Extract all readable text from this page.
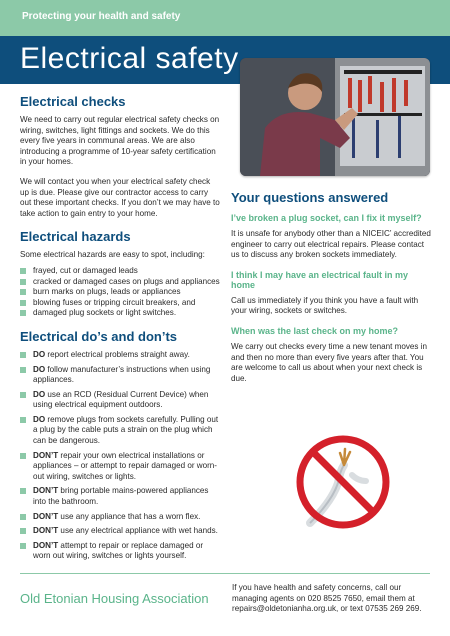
Protecting your health and safety
Electrical safety
Electrical checks

We need to carry out regular electrical safety checks on wiring, switches, light fittings and sockets. We do this every five years in communal areas. We are also introducing a programme of 10-year safety certification in your homes.

We will contact you when your electrical safety check up is due. Please give our contractor access to carry out these important checks. If you don’t we may have to take action to gain entry to your home.

Electrical hazards

Some electrical hazards are easy to spot, including:

frayed, cut or damaged leads
cracked or damaged cases on plugs and appliances
burn marks on plugs, leads or appliances
blowing fuses or tripping circuit breakers, and
damaged plug sockets or light switches.
Electrical do’s and don’ts
DO report electrical problems straight away.
DO follow manufacturer’s instructions when using appliances.
DO use an RCD (Residual Current Device) when using electrical equipment outdoors.
DO remove plugs from sockets carefully. Pulling out a plug by the cable puts a strain on the plug which can be dangerous.
DON’T repair your own electrical installations or appliances – or attempt to repair damaged or worn-out wiring, switches or lights.
DON’T bring portable mains-powered appliances into the bathroom.
DON’T use any appliance that has a worn flex.
DON’T use any electrical appliance with wet hands.
DON’T attempt to repair or replace damaged or worn out wiring, switches or lights yourself.
Your questions answered
I’ve broken a plug socket, can I fix it myself?

It is unsafe for anybody other than a NICEIC’ accredited engineer to carry out electrical repairs. Please contact us to discuss any broken sockets immediately.

I think I may have an electrical fault in my home

Call us immediately if you think you have a fault with your wiring, sockets or switches.

When was the last check on my home?

We carry out checks every time a new tenant moves in and then no more than every five years after that. You are welcome to call us about when your next check is due.

Old Etonian Housing Association
If you have health and safety concerns, call our managing agents on 020 8525 7650, email them at repairs@oldetonianha.org.uk, or text 07535 269 269.
